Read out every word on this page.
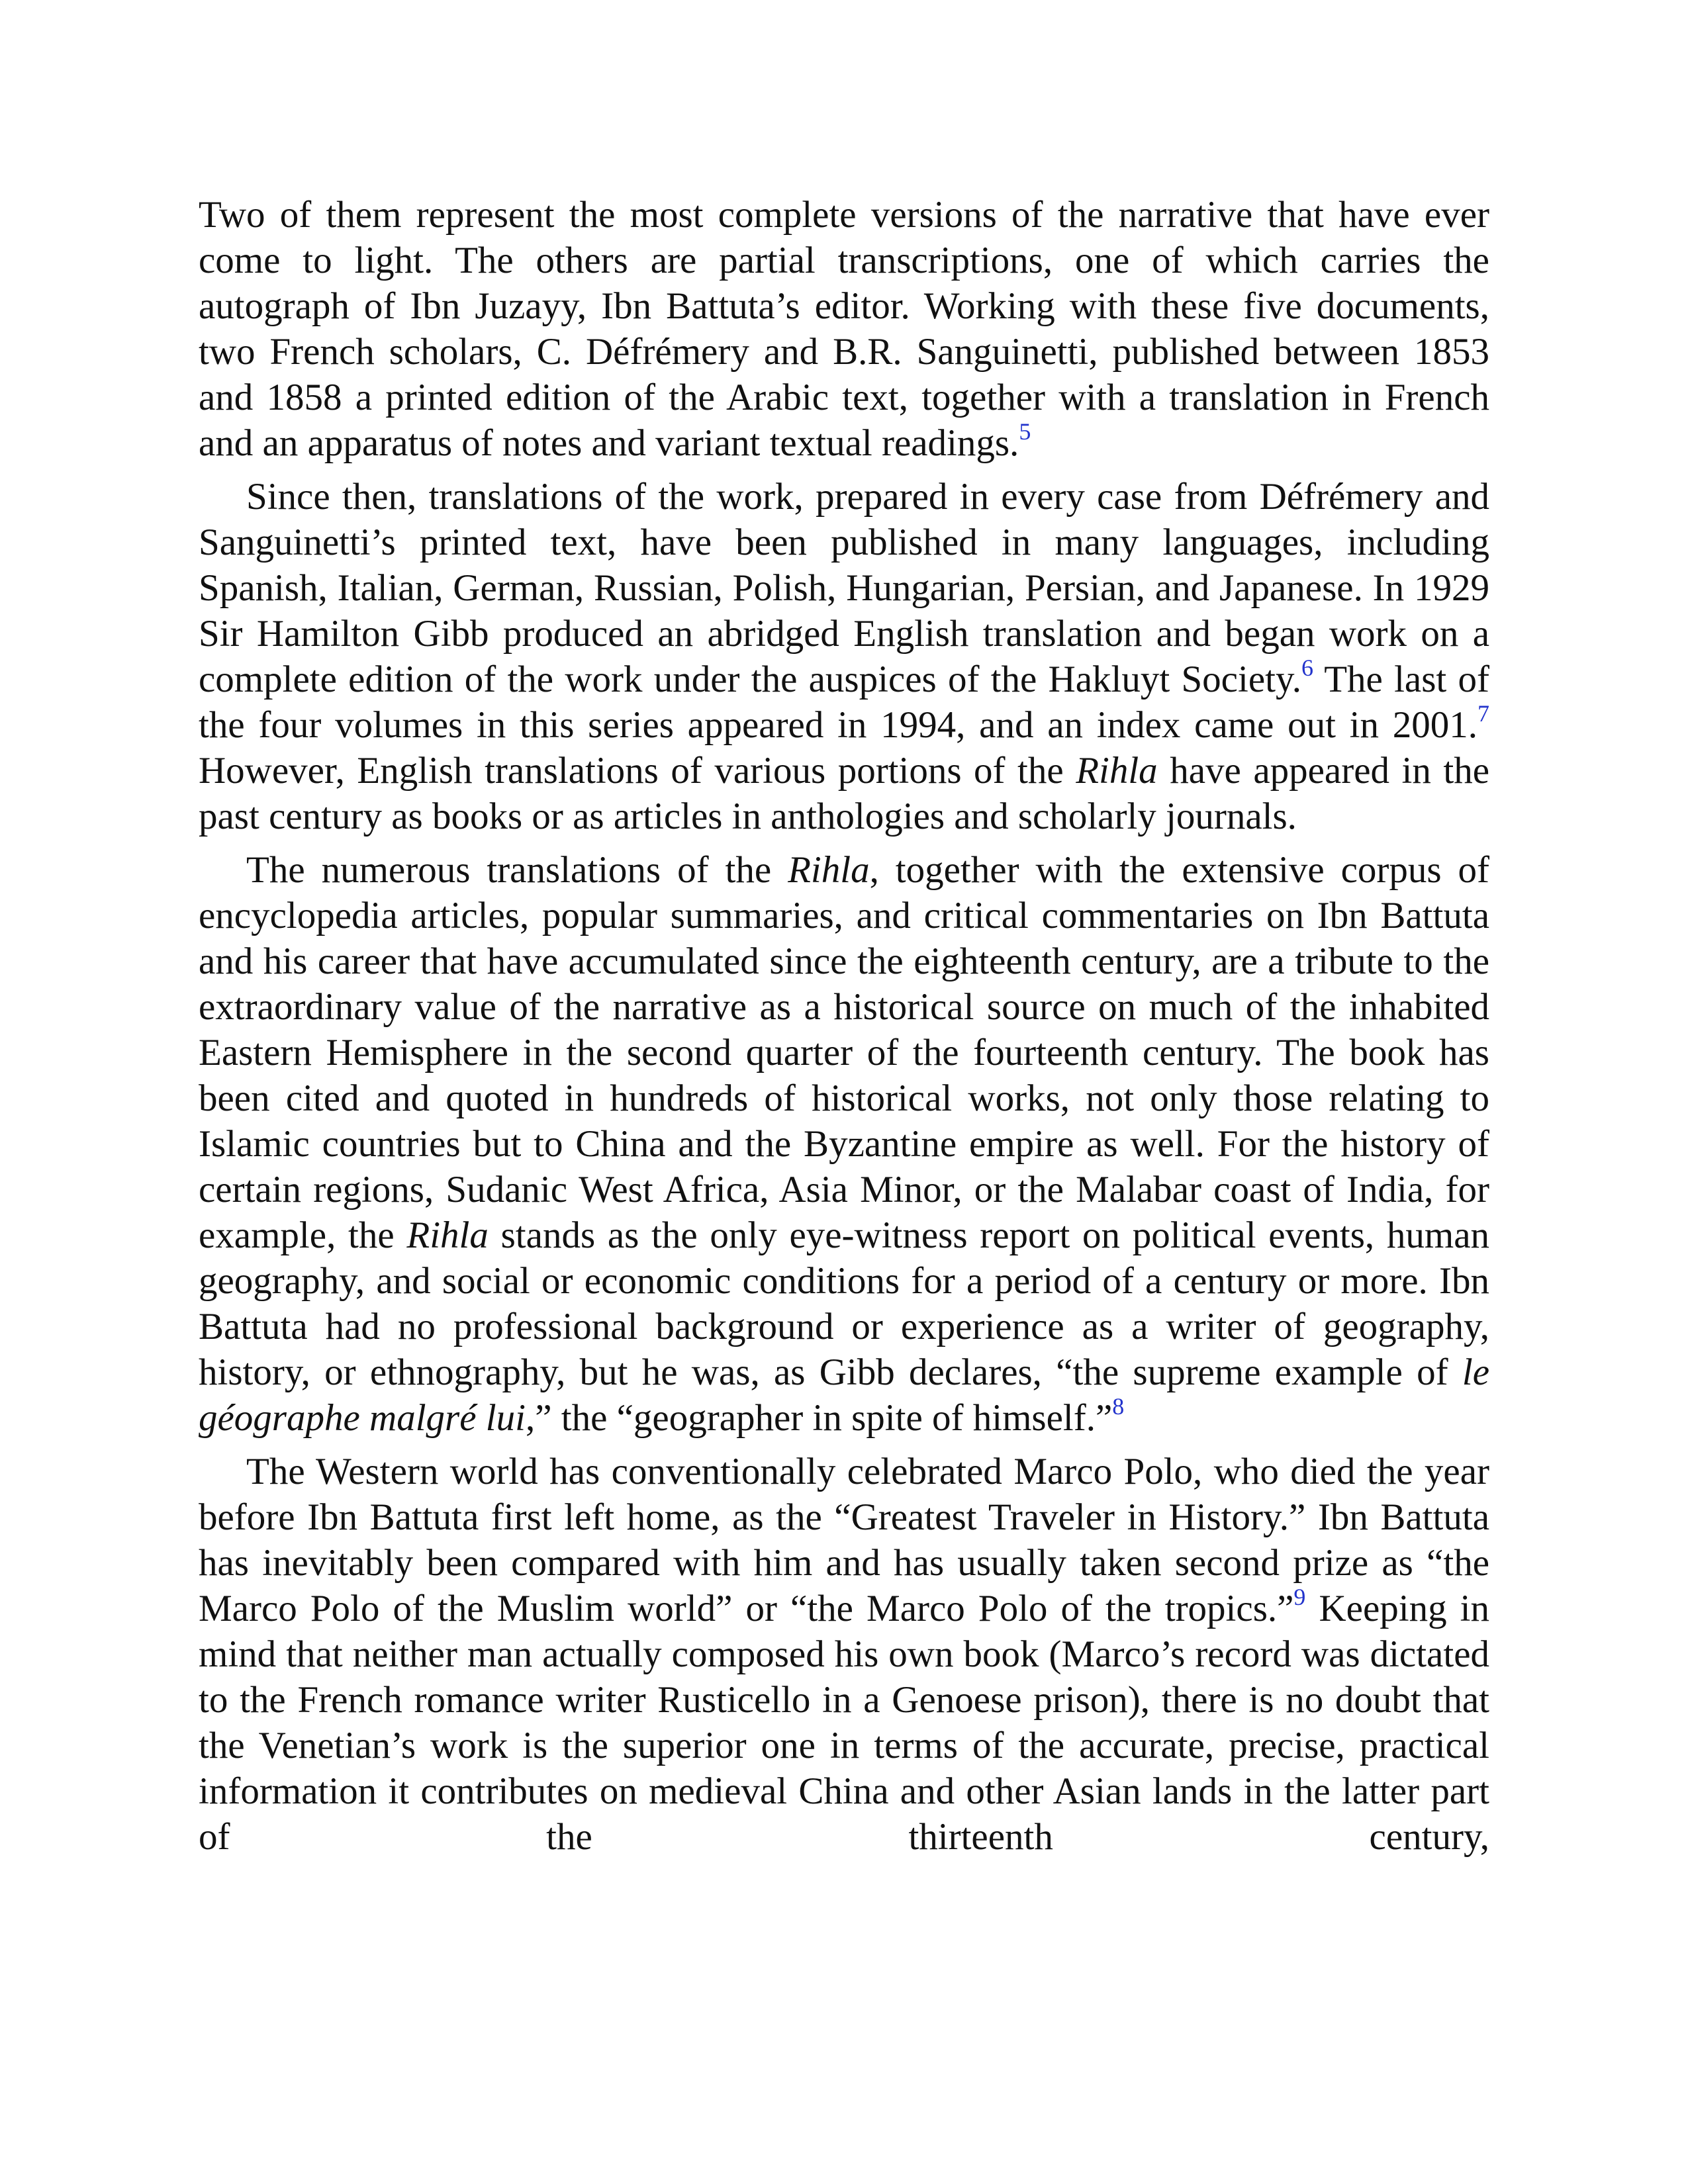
Two of them represent the most complete versions of the narrative that have ever come to light. The others are partial transcriptions, one of which carries the autograph of Ibn Juzayy, Ibn Battuta’s editor. Working with these five documents, two French scholars, C. Défrémery and B.R. Sanguinetti, published between 1853 and 1858 a printed edition of the Arabic text, together with a translation in French and an apparatus of notes and variant textual readings.$^5$

Since then, translations of the work, prepared in every case from Défrémery and Sanguinetti’s printed text, have been published in many languages, including Spanish, Italian, German, Russian, Polish, Hungarian, Persian, and Japanese. In 1929 Sir Hamilton Gibb produced an abridged English translation and began work on a complete edition of the work under the auspices of the Hakluyt Society.$^6$ The last of the four volumes in this series appeared in 1994, and an index came out in 2001.$^7$ However, English translations of various portions of the Rihla have appeared in the past century as books or as articles in anthologies and scholarly journals.

The numerous translations of the Rihla, together with the extensive corpus of encyclopedia articles, popular summaries, and critical commentaries on Ibn Battuta and his career that have accumulated since the eighteenth century, are a tribute to the extraordinary value of the narrative as a historical source on much of the inhabited Eastern Hemisphere in the second quarter of the fourteenth century. The book has been cited and quoted in hundreds of historical works, not only those relating to Islamic countries but to China and the Byzantine empire as well. For the history of certain regions, Sudanic West Africa, Asia Minor, or the Malabar coast of India, for example, the Rihla stands as the only eye-witness report on political events, human geography, and social or economic conditions for a period of a century or more. Ibn Battuta had no professional background or experience as a writer of geography, history, or ethnography, but he was, as Gibb declares, “the supreme example of le géographe malgré lui,” the “geographer in spite of himself.”$^8$

The Western world has conventionally celebrated Marco Polo, who died the year before Ibn Battuta first left home, as the “Greatest Traveler in History.” Ibn Battuta has inevitably been compared with him and has usually taken second prize as “the Marco Polo of the Muslim world” or “the Marco Polo of the tropics.”$^9$ Keeping in mind that neither man actually composed his own book (Marco’s record was dictated to the French romance writer Rusticello in a Genoese prison), there is no doubt that the Venetian’s work is the superior one in terms of the accurate, precise, practical information it contributes on medieval China and other Asian lands in the latter part of the thirteenth century,
